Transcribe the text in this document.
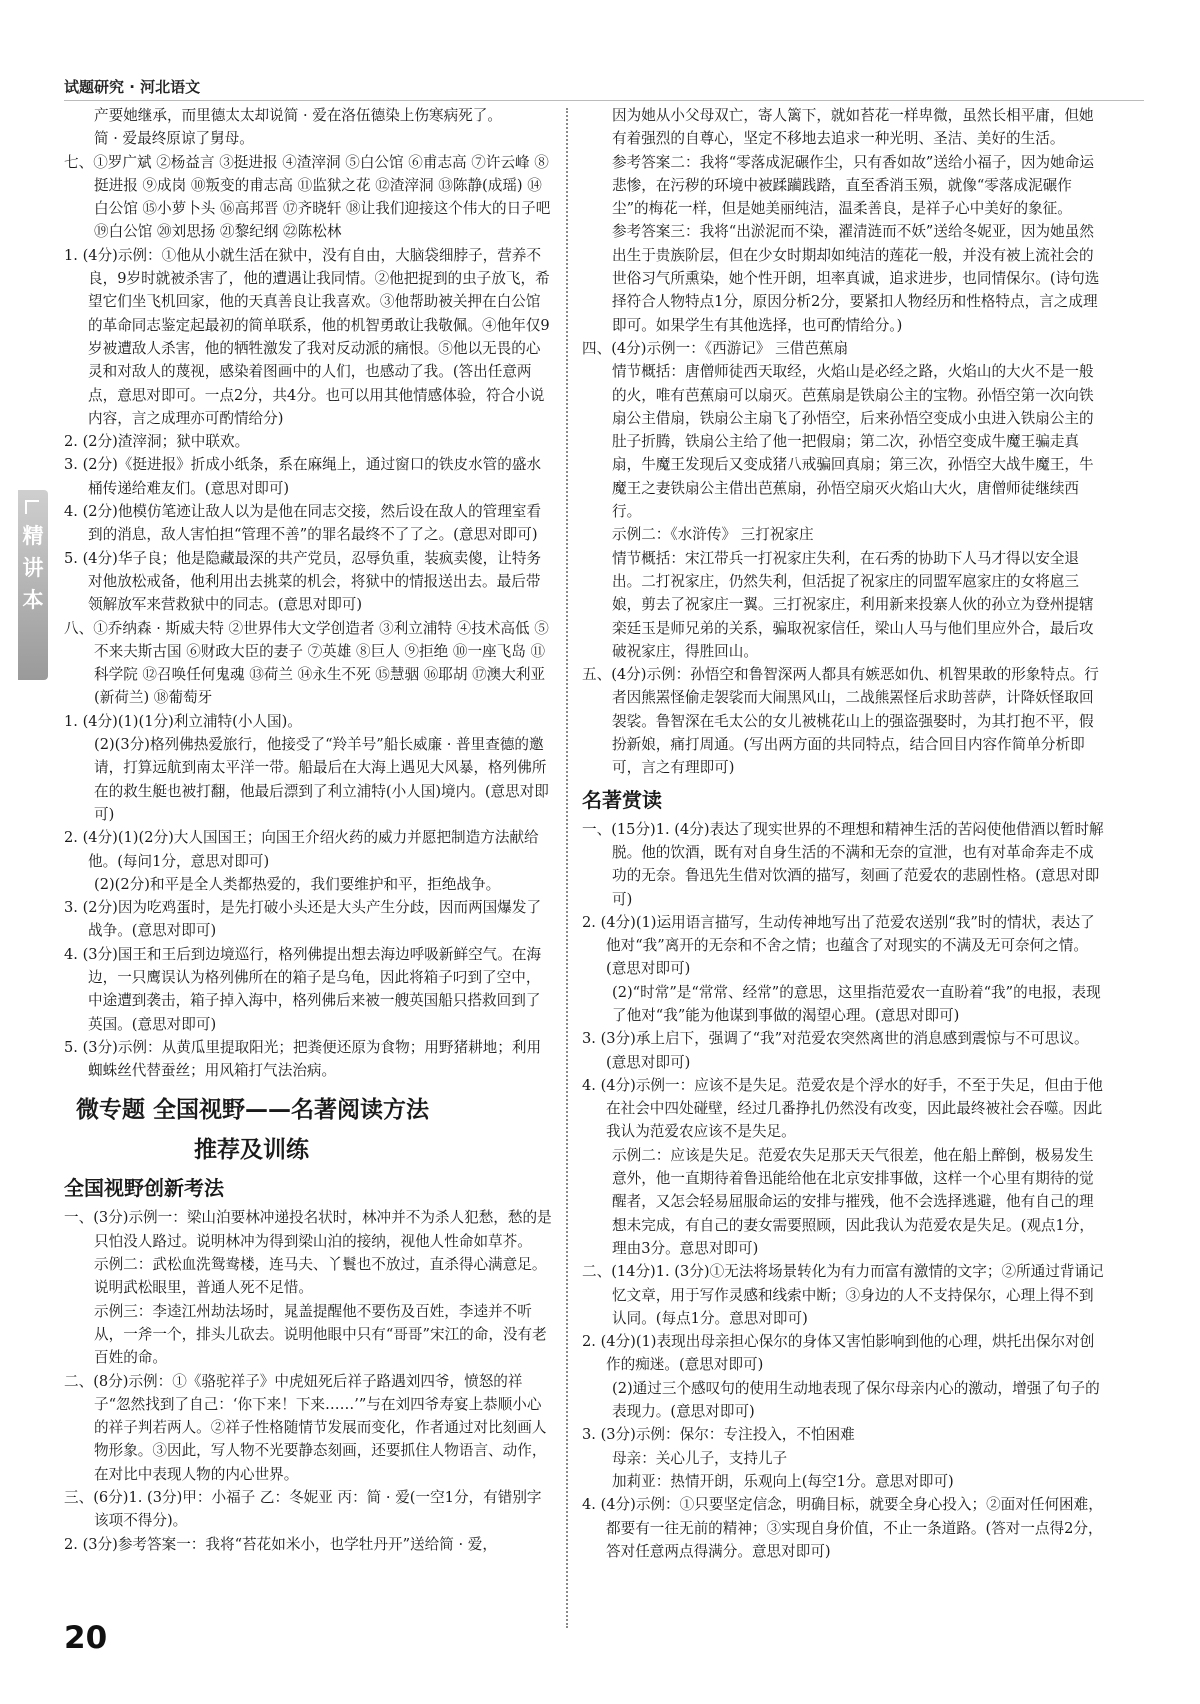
试题研究 · 河北语文
精讲本

产要她继承，而里德太太却说简 · 爱在洛伍德染上伤寒病死了。

简 · 爱最终原谅了舅母。

七、①罗广斌 ②杨益言 ③挺进报 ④渣滓洞 ⑤白公馆 ⑥甫志高 ⑦许云峰 ⑧挺进报 ⑨成岗 ⑩叛变的甫志高 ⑪监狱之花 ⑫渣滓洞 ⑬陈静(成瑶) ⑭白公馆 ⑮小萝卜头 ⑯高邦晋 ⑰齐晓轩 ⑱让我们迎接这个伟大的日子吧 ⑲白公馆 ⑳刘思扬 ㉑黎纪纲 ㉒陈松林

1. (4分)示例：①他从小就生活在狱中，没有自由，大脑袋细脖子，营养不良，9岁时就被杀害了，他的遭遇让我同情。②他把捉到的虫子放飞，希望它们坐飞机回家，他的天真善良让我喜欢。③他帮助被关押在白公馆的革命同志鉴定起最初的简单联系，他的机智勇敢让我敬佩。④他年仅9岁被遭敌人杀害，他的牺牲激发了我对反动派的痛恨。⑤他以无畏的心灵和对敌人的蔑视，感染着图画中的人们，也感动了我。(答出任意两点，意思对即可。一点2分，共4分。也可以用其他情感体验，符合小说内容，言之成理亦可酌情给分)

2. (2分)渣滓洞；狱中联欢。

3. (2分)《挺进报》折成小纸条，系在麻绳上，通过窗口的铁皮水管的盛水桶传递给难友们。(意思对即可)

4. (2分)他模仿笔迹让敌人以为是他在同志交接，然后设在敌人的管理室看到的消息，敌人害怕担“管理不善”的罪名最终不了了之。(意思对即可)

5. (4分)华子良；他是隐藏最深的共产党员，忍辱负重，装疯卖傻，让特务对他放松戒备，他利用出去挑菜的机会，将狱中的情报送出去。最后带领解放军来营救狱中的同志。(意思对即可)

八、①乔纳森 · 斯威夫特 ②世界伟大文学创造者 ③利立浦特 ④技术高低 ⑤不来夫斯古国 ⑥财政大臣的妻子 ⑦英雄 ⑧巨人 ⑨拒绝 ⑩一座飞岛 ⑪科学院 ⑫召唤任何鬼魂 ⑬荷兰 ⑭永生不死 ⑮慧骃 ⑯耶胡 ⑰澳大利亚(新荷兰) ⑱葡萄牙

1. (4分)(1)(1分)利立浦特(小人国)。

(2)(3分)格列佛热爱旅行，他接受了“羚羊号”船长威廉 · 普里查德的邀请，打算远航到南太平洋一带。船最后在大海上遇见大风暴，格列佛所在的救生艇也被打翻，他最后漂到了利立浦特(小人国)境内。(意思对即可)

2. (4分)(1)(2分)大人国国王；向国王介绍火药的威力并愿把制造方法献给他。(每问1分，意思对即可)

(2)(2分)和平是全人类都热爱的，我们要维护和平，拒绝战争。

3. (2分)因为吃鸡蛋时，是先打破小头还是大头产生分歧，因而两国爆发了战争。(意思对即可)

4. (3分)国王和王后到边境巡行，格列佛提出想去海边呼吸新鲜空气。在海边，一只鹰误认为格列佛所在的箱子是乌龟，因此将箱子叼到了空中，中途遭到袭击，箱子掉入海中，格列佛后来被一艘英国船只搭救回到了英国。(意思对即可)

5. (3分)示例：从黄瓜里提取阳光；把粪便还原为食物；用野猪耕地；利用蜘蛛丝代替蚕丝；用风箱打气法治病。

微专题 全国视野——名著阅读方法
推荐及训练
全国视野创新考法

一、(3分)示例一：梁山泊要林冲递投名状时，林冲并不为杀人犯愁，愁的是只怕没人路过。说明林冲为得到梁山泊的接纳，视他人性命如草芥。

示例二：武松血洗鸳鸯楼，连马夫、丫鬟也不放过，直杀得心满意足。说明武松眼里，普通人死不足惜。

示例三：李逵江州劫法场时，晁盖提醒他不要伤及百姓，李逵并不听从，一斧一个，排头儿砍去。说明他眼中只有“哥哥”宋江的命，没有老百姓的命。

二、(8分)示例：①《骆驼祥子》中虎妞死后祥子路遇刘四爷，愤怒的祥子“忽然找到了自己：‘你下来！下来……’”与在刘四爷寿宴上恭顺小心的祥子判若两人。②祥子性格随情节发展而变化，作者通过对比刻画人物形象。③因此，写人物不光要静态刻画，还要抓住人物语言、动作，在对比中表现人物的内心世界。

三、(6分)1. (3分)甲：小福子 乙：冬妮亚 丙：简 · 爱(一空1分，有错别字该项不得分)。

2. (3分)参考答案一：我将“苔花如米小，也学牡丹开”送给简 · 爱，

因为她从小父母双亡，寄人篱下，就如苔花一样卑微，虽然长相平庸，但她有着强烈的自尊心，坚定不移地去追求一种光明、圣洁、美好的生活。

参考答案二：我将“零落成泥碾作尘，只有香如故”送给小福子，因为她命运悲惨，在污秽的环境中被蹂躏践踏，直至香消玉殒，就像“零落成泥碾作尘”的梅花一样，但是她美丽纯洁，温柔善良，是祥子心中美好的象征。

参考答案三：我将“出淤泥而不染，濯清涟而不妖”送给冬妮亚，因为她虽然出生于贵族阶层，但在少女时期却如纯洁的莲花一般，并没有被上流社会的世俗习气所熏染，她个性开朗，坦率真诚，追求进步，也同情保尔。(诗句选择符合人物特点1分，原因分析2分，要紧扣人物经历和性格特点，言之成理即可。如果学生有其他选择，也可酌情给分。)

四、(4分)示例一：《西游记》 三借芭蕉扇

情节概括：唐僧师徒西天取经，火焰山是必经之路，火焰山的大火不是一般的火，唯有芭蕉扇可以扇灭。芭蕉扇是铁扇公主的宝物。孙悟空第一次向铁扇公主借扇，铁扇公主扇飞了孙悟空，后来孙悟空变成小虫进入铁扇公主的肚子折腾，铁扇公主给了他一把假扇；第二次，孙悟空变成牛魔王骗走真扇，牛魔王发现后又变成猪八戒骗回真扇；第三次，孙悟空大战牛魔王，牛魔王之妻铁扇公主借出芭蕉扇，孙悟空扇灭火焰山大火，唐僧师徒继续西行。

示例二：《水浒传》 三打祝家庄

情节概括：宋江带兵一打祝家庄失利，在石秀的协助下人马才得以安全退出。二打祝家庄，仍然失利，但活捉了祝家庄的同盟军扈家庄的女将扈三娘，剪去了祝家庄一翼。三打祝家庄，利用新来投寨人伙的孙立为登州提辖栾廷玉是师兄弟的关系，骗取祝家信任，梁山人马与他们里应外合，最后攻破祝家庄，得胜回山。

五、(4分)示例：孙悟空和鲁智深两人都具有嫉恶如仇、机智果敢的形象特点。行者因熊罴怪偷走袈裟而大闹黑风山，二战熊罴怪后求助菩萨，计降妖怪取回袈裟。鲁智深在毛太公的女儿被桃花山上的强盗强娶时，为其打抱不平，假扮新娘，痛打周通。(写出两方面的共同特点，结合回目内容作简单分析即可，言之有理即可)

名著赏读

一、(15分)1. (4分)表达了现实世界的不理想和精神生活的苦闷使他借酒以暂时解脱。他的饮酒，既有对自身生活的不满和无奈的宣泄，也有对革命奔走不成功的无奈。鲁迅先生借对饮酒的描写，刻画了范爱农的悲剧性格。(意思对即可)

2. (4分)(1)运用语言描写，生动传神地写出了范爱农送别“我”时的情状，表达了他对“我”离开的无奈和不舍之情；也蕴含了对现实的不满及无可奈何之情。(意思对即可)

(2)“时常”是“常常、经常”的意思，这里指范爱农一直盼着“我”的电报，表现了他对“我”能为他谋到事做的渴望心理。(意思对即可)

3. (3分)承上启下，强调了“我”对范爱农突然离世的消息感到震惊与不可思议。(意思对即可)

4. (4分)示例一：应该不是失足。范爱农是个浮水的好手，不至于失足，但由于他在社会中四处碰壁，经过几番挣扎仍然没有改变，因此最终被社会吞噬。因此我认为范爱农应该不是失足。

示例二：应该是失足。范爱农失足那天天气很差，他在船上醉倒，极易发生意外，他一直期待着鲁迅能给他在北京安排事做，这样一个心里有期待的觉醒者，又怎会轻易屈服命运的安排与摧残，他不会选择逃避，他有自己的理想未完成，有自己的妻女需要照顾，因此我认为范爱农是失足。(观点1分，理由3分。意思对即可)

二、(14分)1. (3分)①无法将场景转化为有力而富有激情的文字；②所通过背诵记忆文章，用于写作灵感和线索中断；③身边的人不支持保尔，心理上得不到认同。(每点1分。意思对即可)

2. (4分)(1)表现出母亲担心保尔的身体又害怕影响到他的心理，烘托出保尔对创作的痴迷。(意思对即可)

(2)通过三个感叹句的使用生动地表现了保尔母亲内心的激动，增强了句子的表现力。(意思对即可)

3. (3分)示例：保尔：专注投入，不怕困难

母亲：关心儿子，支持儿子

加莉亚：热情开朗，乐观向上(每空1分。意思对即可)

4. (4分)示例：①只要坚定信念，明确目标，就要全身心投入；②面对任何困难，都要有一往无前的精神；③实现自身价值，不止一条道路。(答对一点得2分，答对任意两点得满分。意思对即可)

20
